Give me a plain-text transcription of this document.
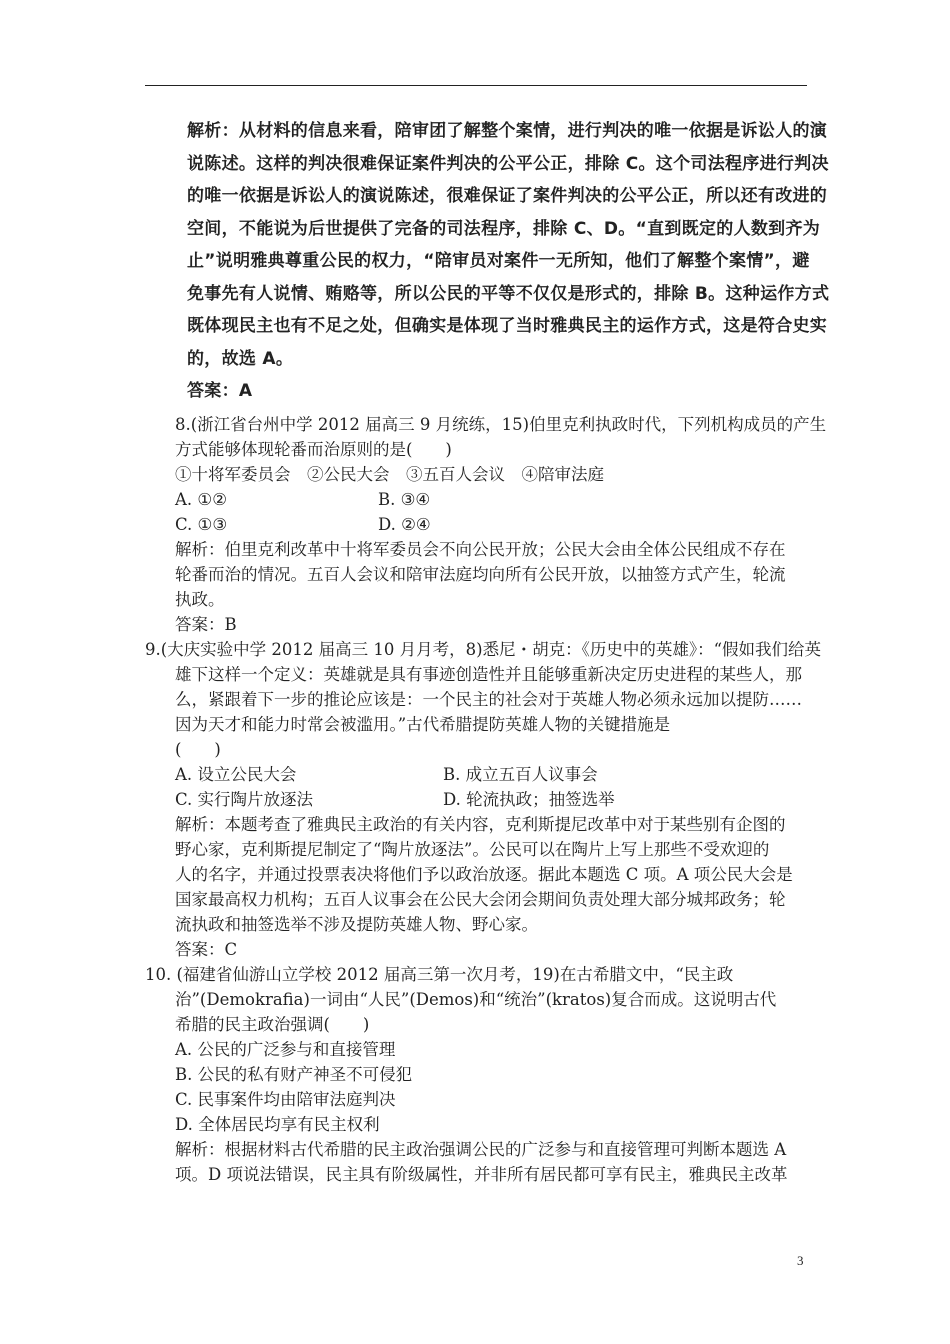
解析：从材料的信息来看，陪审团了解整个案情，进行判决的唯一依据是诉讼人的演
说陈述。这样的判决很难保证案件判决的公平公正，排除 C。这个司法程序进行判决
的唯一依据是诉讼人的演说陈述，很难保证了案件判决的公平公正，所以还有改进的
空间，不能说为后世提供了完备的司法程序，排除 C、D。“直到既定的人数到齐为
止”说明雅典尊重公民的权力，“陪审员对案件一无所知，他们了解整个案情”，避
免事先有人说情、贿赂等，所以公民的平等不仅仅是形式的，排除 B。这种运作方式
既体现民主也有不足之处，但确实是体现了当时雅典民主的运作方式，这是符合史实
的，故选 A。
答案：A
8.(浙江省台州中学 2012 届高三 9 月统练，15)伯里克利执政时代，下列机构成员的产生
方式能够体现轮番而治原则的是(　　)
①十将军委员会　②公民大会　③五百人会议　④陪审法庭
A. ①②	B. ③④
C. ①③	D. ②④
解析：伯里克利改革中十将军委员会不向公民开放；公民大会由全体公民组成不存在
轮番而治的情况。五百人会议和陪审法庭均向所有公民开放，以抽签方式产生，轮流
执政。
答案：B
9.(大庆实验中学 2012 届高三 10 月月考，8)悉尼・胡克：《历史中的英雄》：“假如我们给英
雄下这样一个定义：英雄就是具有事迹创造性并且能够重新决定历史进程的某些人，那
么，紧跟着下一步的推论应该是：一个民主的社会对于英雄人物必须永远加以提防……
因为天才和能力时常会被滥用。”古代希腊提防英雄人物的关键措施是
(　　)
A. 设立公民大会	B. 成立五百人议事会
C. 实行陶片放逐法	D. 轮流执政；抽签选举
解析：本题考查了雅典民主政治的有关内容，克利斯提尼改革中对于某些别有企图的
野心家，克利斯提尼制定了“陶片放逐法”。公民可以在陶片上写上那些不受欢迎的
人的名字，并通过投票表决将他们予以政治放逐。据此本题选 C 项。A 项公民大会是
国家最高权力机构；五百人议事会在公民大会闭会期间负责处理大部分城邦政务；轮
流执政和抽签选举不涉及提防英雄人物、野心家。
答案：C
10. (福建省仙游山立学校 2012 届高三第一次月考，19)在古希腊文中，“民主政
治”(Demokrafia)一词由“人民”(Demos)和“统治”(kratos)复合而成。这说明古代
希腊的民主政治强调(　　)
A. 公民的广泛参与和直接管理
B. 公民的私有财产神圣不可侵犯
C. 民事案件均由陪审法庭判决
D. 全体居民均享有民主权利
解析：根据材料古代希腊的民主政治强调公民的广泛参与和直接管理可判断本题选 A
项。D 项说法错误，民主具有阶级属性，并非所有居民都可享有民主，雅典民主改革
3
